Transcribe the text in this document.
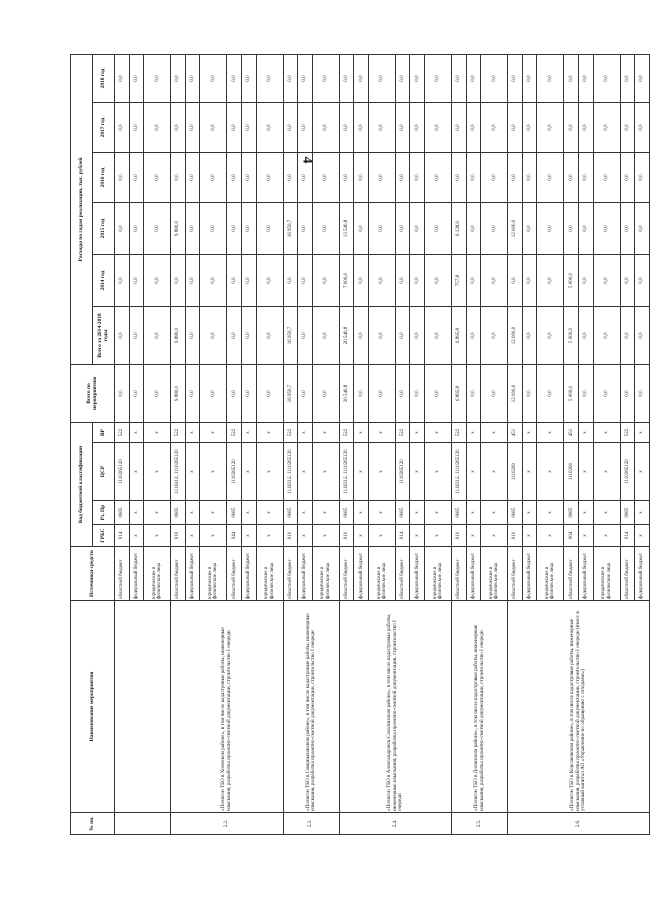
4
№ пп.	Наименование мероприятия	Источники средств	Код бюджетной классификации				Всего по мероприятию	Расходы по годам реализации, тыс. рублей					
			ГРБС	Рз, Пр	ЦСР	ВР		Всего за 2014-2018 годы	2014 год	2015 год	2016 год	2017 год	2018 год
		областной бюджет	014	0605	1110265120	522	0,0	0,0	0,0	0,0	0,0	0,0	0,0
		федеральный бюджет	х	х	х	х	0,0	0,0	0,0	0,0	0,0	0,0	0,0
		юридические и физические лица	х	х	х	х	0,0	0,0	0,0	0,0	0,0	0,0	0,0
2.2.	«Полигон ТБО в Холмском районе», в том числе кадастровые работы, инженерные изыскания, разработка проектно-сметной документации, строительство I очереди	областной бюджет	010	0605	1116312, 1110265120	522	9 880,0	9 880,0	0,0	9 880,0	0,0	0,0	0,0
		федеральный бюджет	х	х	х	х	0,0	0,0	0,0	0,0	0,0	0,0	0,0
		юридические и физические лица	х	х	х	х	0,0	0,0	0,0	0,0	0,0	0,0	0,0
		областной бюджет	044	0605	1110265120	522	0,0	0,0	0,0	0,0	0,0	0,0	0,0
		федеральный бюджет	х	х	х	х	0,0	0,0	0,0	0,0	0,0	0,0	0,0
		юридические и физические лица	х	х	х	х	0,0	0,0	0,0	0,0	0,0	0,0	0,0
2.3.	«Полигон ТБО в Смирныховском районе», в том числе кадастровые работы, инженерные изыскания, разработка проектно-сметной документации, строительство I очереди	областной бюджет	010	0605	1116312, 1110265120	522	16 950,7	16 950,7	0,0	16 950,7	0,0	0,0	0,0
		федеральный бюджет	х	х	х	х	0,0	0,0	0,0	0,0	0,0	0,0	0,0
		юридические и физические лица	х	х	х	х	0,0	0,0	0,0	0,0	0,0	0,0	0,0
2.4.	«Полигон ТБО в Александровск-Сахалинском районе», в том числе кадастровые работы, инженерные изыскания, разработка проектно-сметной документации, строительство I очереди	областной бюджет	010	0605	1116312, 1110265120	522	20 540,8	20 540,8	7 000,0	13 540,8	0,0	0,0	0,0
		федеральный бюджет	х	х	х	х	0,0	0,0	0,0	0,0	0,0	0,0	0,0
		юридические и физические лица	х	х	х	х	0,0	0,0	0,0	0,0	0,0	0,0	0,0
		областной бюджет	014	0605	1110265120	522	0,0	0,0	0,0	0,0	0,0	0,0	0,0
		федеральный бюджет	х	х	х	х	0,0	0,0	0,0	0,0	0,0	0,0	0,0
		юридические и физические лица	х	х	х	х	0,0	0,0	0,0	0,0	0,0	0,0	0,0
2.5.	«Полигон ТБО в Долинском районе», в том числе кадастровые работы, инженерные изыскания, разработка проектно-сметной документации, строительство I очереди	областной бюджет	010	0605	1116312, 1110265120	522	6 895,8	6 895,8	757,8	6 138,0	0,0	0,0	0,0
		федеральный бюджет	х	х	х	х	0,0	0,0	0,0	0,0	0,0	0,0	0,0
		юридические и физические лица	х	х	х	х	0,0	0,0	0,0	0,0	0,0	0,0	0,0
2.6.	«Полигон ТБО в Корсаковском районе», в том числе кадастровые работы, инженерные изыскания, разработка проектно-сметной документации, строительство I очереди (взнос в уставный капитал АО «Управление по обращению с отходами»)	областной бюджет	010	0605	1110200	451	12 000,0	12 000,0	0,0	12 000,0	0,0	0,0	0,0
		федеральный бюджет	х	х	х	х	0,0	0,0	0,0	0,0	0,0	0,0	0,0
		юридические и физические лица	х	х	х	х	0,0	0,0	0,0	0,0	0,0	0,0	0,0
		областной бюджет	004	0605	1110200	451	5 000,0	5 000,0	5 000,0	0,0	0,0	0,0	0,0
		федеральный бюджет	х	х	х	х	0,0	0,0	0,0	0,0	0,0	0,0	0,0
		юридические и физические лица	х	х	х	х	0,0	0,0	0,0	0,0	0,0	0,0	0,0
		областной бюджет	014	0605	1110265120	522	0,0	0,0	0,0	0,0	0,0	0,0	0,0
		федеральный бюджет	х	х	х	х	0,0	0,0	0,0	0,0	0,0	0,0	0,0
